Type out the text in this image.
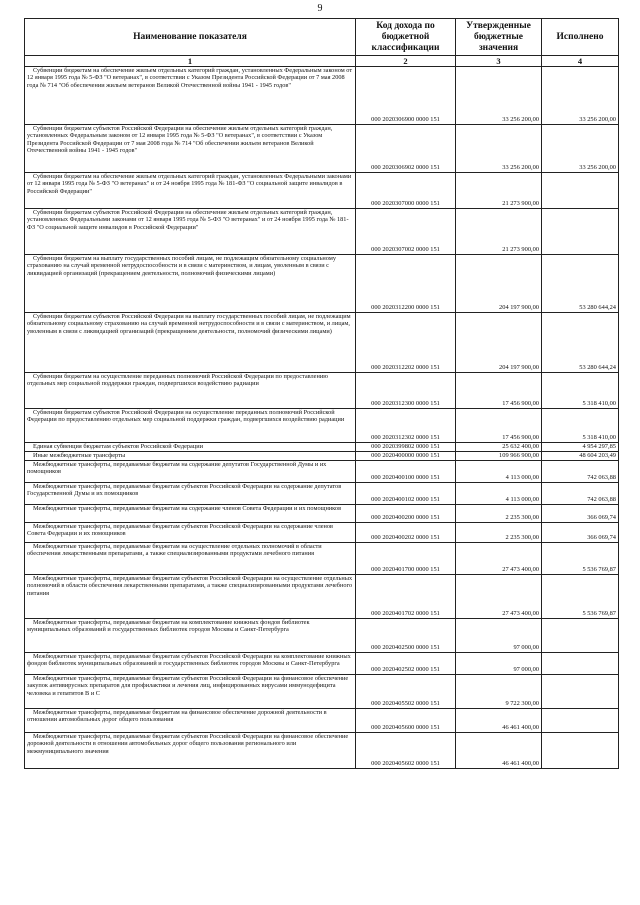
9
Наименование показателя	Код дохода по бюджетной классификации	Утвержденные бюджетные значения	Исполнено
1	2	3	4
Субвенции бюджетам на обеспечение жильем отдельных категорий граждан, установленных Федеральным законом от 12 января 1995 года № 5-ФЗ "О ветеранах", в соответствии с Указом Президента Российской Федерации от 7 мая 2008 года № 714 "Об обеспечении жильем ветеранов Великой Отечественной войны 1941 - 1945 годов"	000 2020306900 0000 151	33 256 200,00	33 256 200,00
Субвенции бюджетам субъектов Российской Федерации на обеспечение жильем отдельных категорий граждан, установленных Федеральным законом от 12 января 1995 года № 5-ФЗ "О ветеранах", в соответствии с Указом Президента Российской Федерации от 7 мая 2008 года № 714 "Об обеспечении жильем ветеранов Великой Отечественной войны 1941 - 1945 годов"	000 2020306902 0000 151	33 256 200,00	33 256 200,00
Субвенции бюджетам на обеспечение жильем отдельных категорий граждан, установленных Федеральными законами от 12 января 1995 года № 5-ФЗ "О ветеранах" и от 24 ноября 1995 года № 181-ФЗ "О социальной защите инвалидов в Российской Федерации"	000 2020307000 0000 151	21 273 900,00	
Субвенции бюджетам субъектов Российской Федерации на обеспечение жильем отдельных категорий граждан, установленных Федеральными законами от 12 января 1995 года № 5-ФЗ "О ветеранах" и от 24 ноября 1995 года № 181-ФЗ "О социальной защите инвалидов в Российской Федерации"	000 2020307002 0000 151	21 273 900,00	
Субвенции бюджетам на выплату государственных пособий лицам, не подлежащим обязательному социальному страхованию на случай временной нетрудоспособности и в связи с материнством, и лицам, уволенным в связи с ликвидацией организаций (прекращением деятельности, полномочий физическими лицами)	000 2020312200 0000 151	204 197 900,00	53 280 644,24
Субвенции бюджетам субъектов Российской Федерации на выплату государственных пособий лицам, не подлежащим обязательному социальному страхованию на случай временной нетрудоспособности и в связи с материнством, и лицам, уволенным в связи с ликвидацией организаций (прекращением деятельности, полномочий физическими лицами)	000 2020312202 0000 151	204 197 900,00	53 280 644,24
Субвенции бюджетам на осуществление переданных полномочий Российской Федерации по предоставлению отдельных мер социальной поддержки граждан, подвергшихся воздействию радиации	000 2020312300 0000 151	17 456 900,00	5 318 410,00
Субвенции бюджетам субъектов Российской Федерации на осуществление переданных полномочий Российской Федерации по предоставлению отдельных мер социальной поддержки граждан, подвергшихся воздействию радиации	000 2020312302 0000 151	17 456 900,00	5 318 410,00
Единая субвенция бюджетам субъектов Российской Федерации	000 2020399802 0000 151	25 632 400,00	4 954 297,85
Иные межбюджетные трансферты	000 2020400000 0000 151	109 966 900,00	48 604 203,49
Межбюджетные трансферты, передаваемые бюджетам на содержание депутатов Государственной Думы и их помощников	000 2020400100 0000 151	4 113 000,00	742 063,88
Межбюджетные трансферты, передаваемые бюджетам субъектов Российской Федерации на содержание депутатов Государственной Думы и их помощников	000 2020400102 0000 151	4 113 000,00	742 063,88
Межбюджетные трансферты, передаваемые бюджетам на содержание членов Совета Федерации и их помощников	000 2020400200 0000 151	2 235 300,00	366 069,74
Межбюджетные трансферты, передаваемые бюджетам субъектов Российской Федерации на содержание членов Совета Федерации и их помощников	000 2020400202 0000 151	2 235 300,00	366 069,74
Межбюджетные трансферты, передаваемые бюджетам на осуществление отдельных полномочий в области обеспечения лекарственными препаратами, а также специализированными продуктами лечебного питания	000 2020401700 0000 151	27 473 400,00	5 536 769,87
Межбюджетные трансферты, передаваемые бюджетам субъектов Российской Федерации на осуществление отдельных полномочий в области обеспечения лекарственными препаратами, а также специализированными продуктами лечебного питания	000 2020401702 0000 151	27 473 400,00	5 536 769,87
Межбюджетные трансферты, передаваемые бюджетам на комплектование книжных фондов библиотек муниципальных образований и государственных библиотек городов Москвы и Санкт-Петербурга	000 2020402500 0000 151	97 000,00	
Межбюджетные трансферты, передаваемые бюджетам субъектов Российской Федерации на комплектование книжных фондов библиотек муниципальных образований и государственных библиотек городов Москвы и Санкт-Петербурга	000 2020402502 0000 151	97 000,00	
Межбюджетные трансферты, передаваемые бюджетам субъектов Российской Федерации на финансовое обеспечение закупок антивирусных препаратов для профилактики и лечения лиц, инфицированных вирусами иммунодефицита человека и гепатитов В и С	000 2020405502 0000 151	9 722 300,00	
Межбюджетные трансферты, передаваемые бюджетам на финансовое обеспечение дорожной деятельности в отношении автомобильных дорог общего пользования	000 2020405600 0000 151	46 461 400,00	
Межбюджетные трансферты, передаваемые бюджетам субъектов Российской Федерации на финансовое обеспечение дорожной деятельности в отношении автомобильных дорог общего пользования регионального или межмуниципального значения	000 2020405602 0000 151	46 461 400,00	
